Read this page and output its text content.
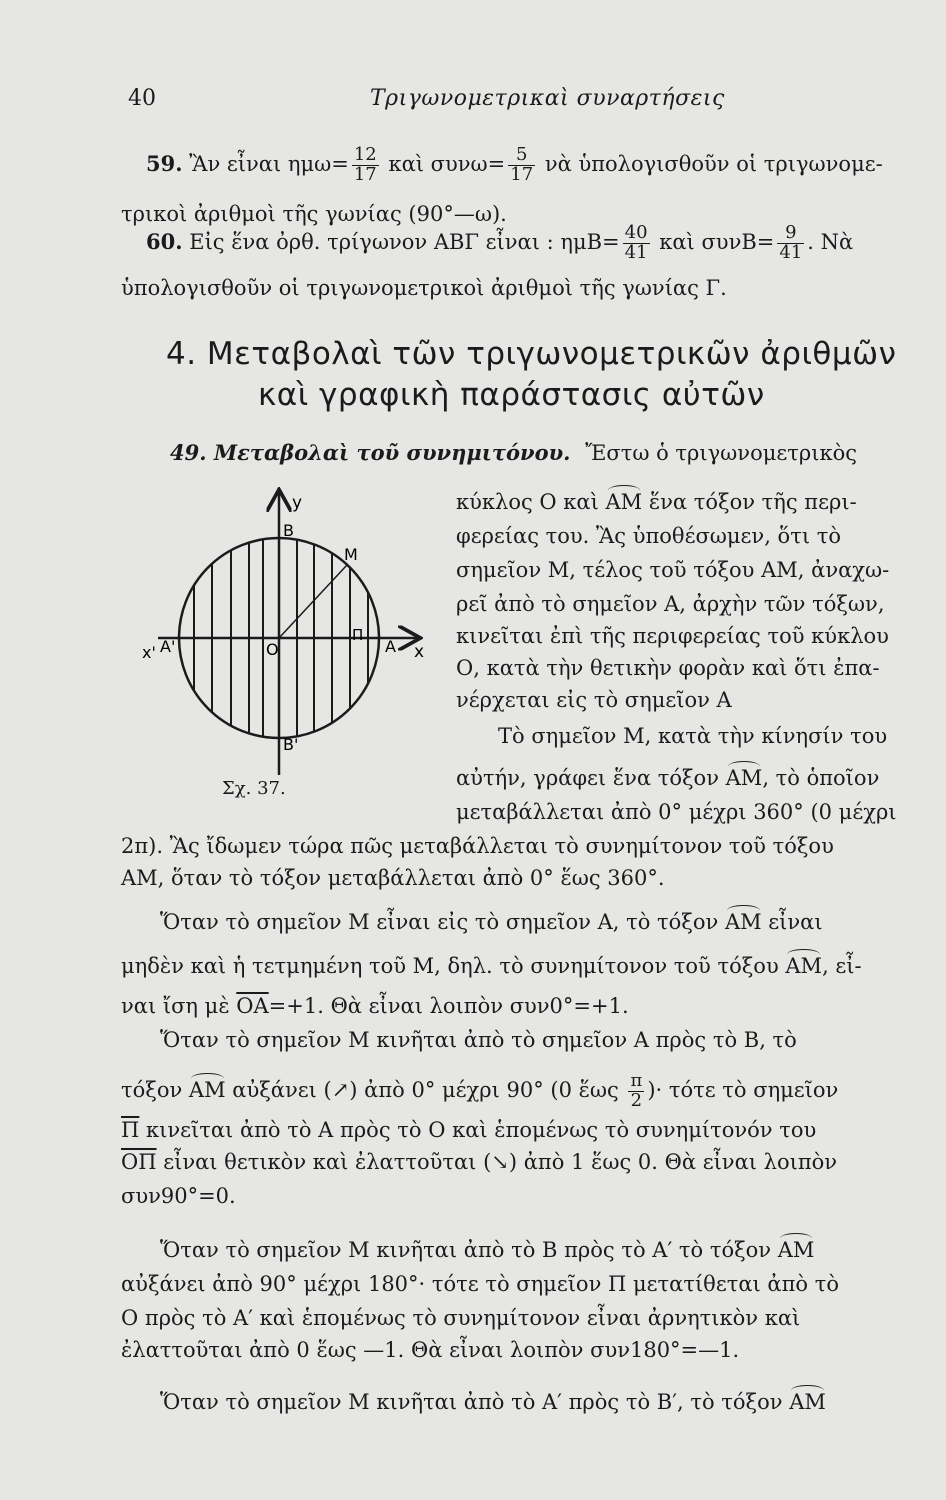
40	Τριγωνομετρικαὶ συναρτήσεις
59. Ἂν εἶναι $\eta\mu\omega= \frac{12}{17}$ καὶ $\sigma\upsilon\nu\omega= \frac{5}{17}$ νὰ ὑπολογισθοῦν οἱ τριγωνομε-
τρικοὶ ἀριθμοὶ τῆς γωνίας (90°—ω).
60. Εἰς ἕνα ὀρθ. τρίγωνον ΑΒΓ εἶναι : $\eta\mu B= \frac{40}{41}$ καὶ $\sigma\upsilon\nu B= \frac{9}{41}$ . Νὰ
ὑπολογισθοῦν οἱ τριγωνομετρικοὶ ἀριθμοὶ τῆς γωνίας Γ.
4. Μεταβολαὶ τῶν τριγωνομετρικῶν ἀριθμῶν
καὶ γραφικὴ παράστασις αὐτῶν
49. Μεταβολαὶ τοῦ συνημιτόνου. Ἔστω ὁ τριγωνομετρικὸς
y
B
M
x' A'	O
Π
A x
B'
Σχ. 37.
κύκλος Ο καὶ ΑΜ ἕνα τόξον τῆς περι-
φερείας του. Ἂς ὑποθέσωμεν, ὅτι τὸ
σημεῖον Μ, τέλος τοῦ τόξου ΑΜ, ἀναχω-
ρεῖ ἀπὸ τὸ σημεῖον Α, ἀρχὴν τῶν τόξων,
κινεῖται ἐπὶ τῆς περιφερείας τοῦ κύκλου
Ο, κατὰ τὴν θετικὴν φορὰν καὶ ὅτι ἐπα-
νέρχεται εἰς τὸ σημεῖον Α
Τὸ σημεῖον Μ, κατὰ τὴν κίνησίν του
αὐτήν, γράφει ἕνα τόξον ΑΜ, τὸ ὁποῖον
μεταβάλλεται ἀπὸ 0° μέχρι 360° (0 μέχρι
2π). Ἂς ἴδωμεν τώρα πῶς μεταβάλλεται τὸ συνημίτονον τοῦ τόξου
ΑΜ, ὅταν τὸ τόξον μεταβάλλεται ἀπὸ 0° ἕως 360°.
Ὅταν τὸ σημεῖον Μ εἶναι εἰς τὸ σημεῖον Α, τὸ τόξον ΑΜ εἶναι
μηδὲν καὶ ἡ τετμημένη τοῦ Μ, δηλ. τὸ συνημίτονον τοῦ τόξου ΑΜ, εἶ-
ναι ἴση μὲ $\overline{OA}=+1$. Θὰ εἶναι λοιπὸν συν0°=+1.
Ὅταν τὸ σημεῖον Μ κινῆται ἀπὸ τὸ σημεῖον Α πρὸς τὸ Β, τὸ
τόξον ΑΜ αὐξάνει (↗) ἀπὸ 0° μέχρι 90° (0 ἕως $\frac{\pi}{2}$ )· τότε τὸ σημεῖον
$\overline{\Pi}$ κινεῖται ἀπὸ τὸ Α πρὸς τὸ Ο καὶ ἑπομένως τὸ συνημίτονόν του
$\overline{O\Pi}$ εἶναι θετικὸν καὶ ἐλαττοῦται (↘) ἀπὸ 1 ἕως 0. Θὰ εἶναι λοιπὸν
συν90°=0.
Ὅταν τὸ σημεῖον Μ κινῆται ἀπὸ τὸ Β πρὸς τὸ Α′ τὸ τόξον ΑΜ
αὐξάνει ἀπὸ 90° μέχρι 180°· τότε τὸ σημεῖον Π μετατίθεται ἀπὸ τὸ
Ο πρὸς τὸ Α′ καὶ ἑπομένως τὸ συνημίτονον εἶναι ἀρνητικὸν καὶ
ἐλαττοῦται ἀπὸ 0 ἕως —1. Θὰ εἶναι λοιπὸν συν180°=—1.
Ὅταν τὸ σημεῖον Μ κινῆται ἀπὸ τὸ Α′ πρὸς τὸ Β′, τὸ τόξον ΑΜ
